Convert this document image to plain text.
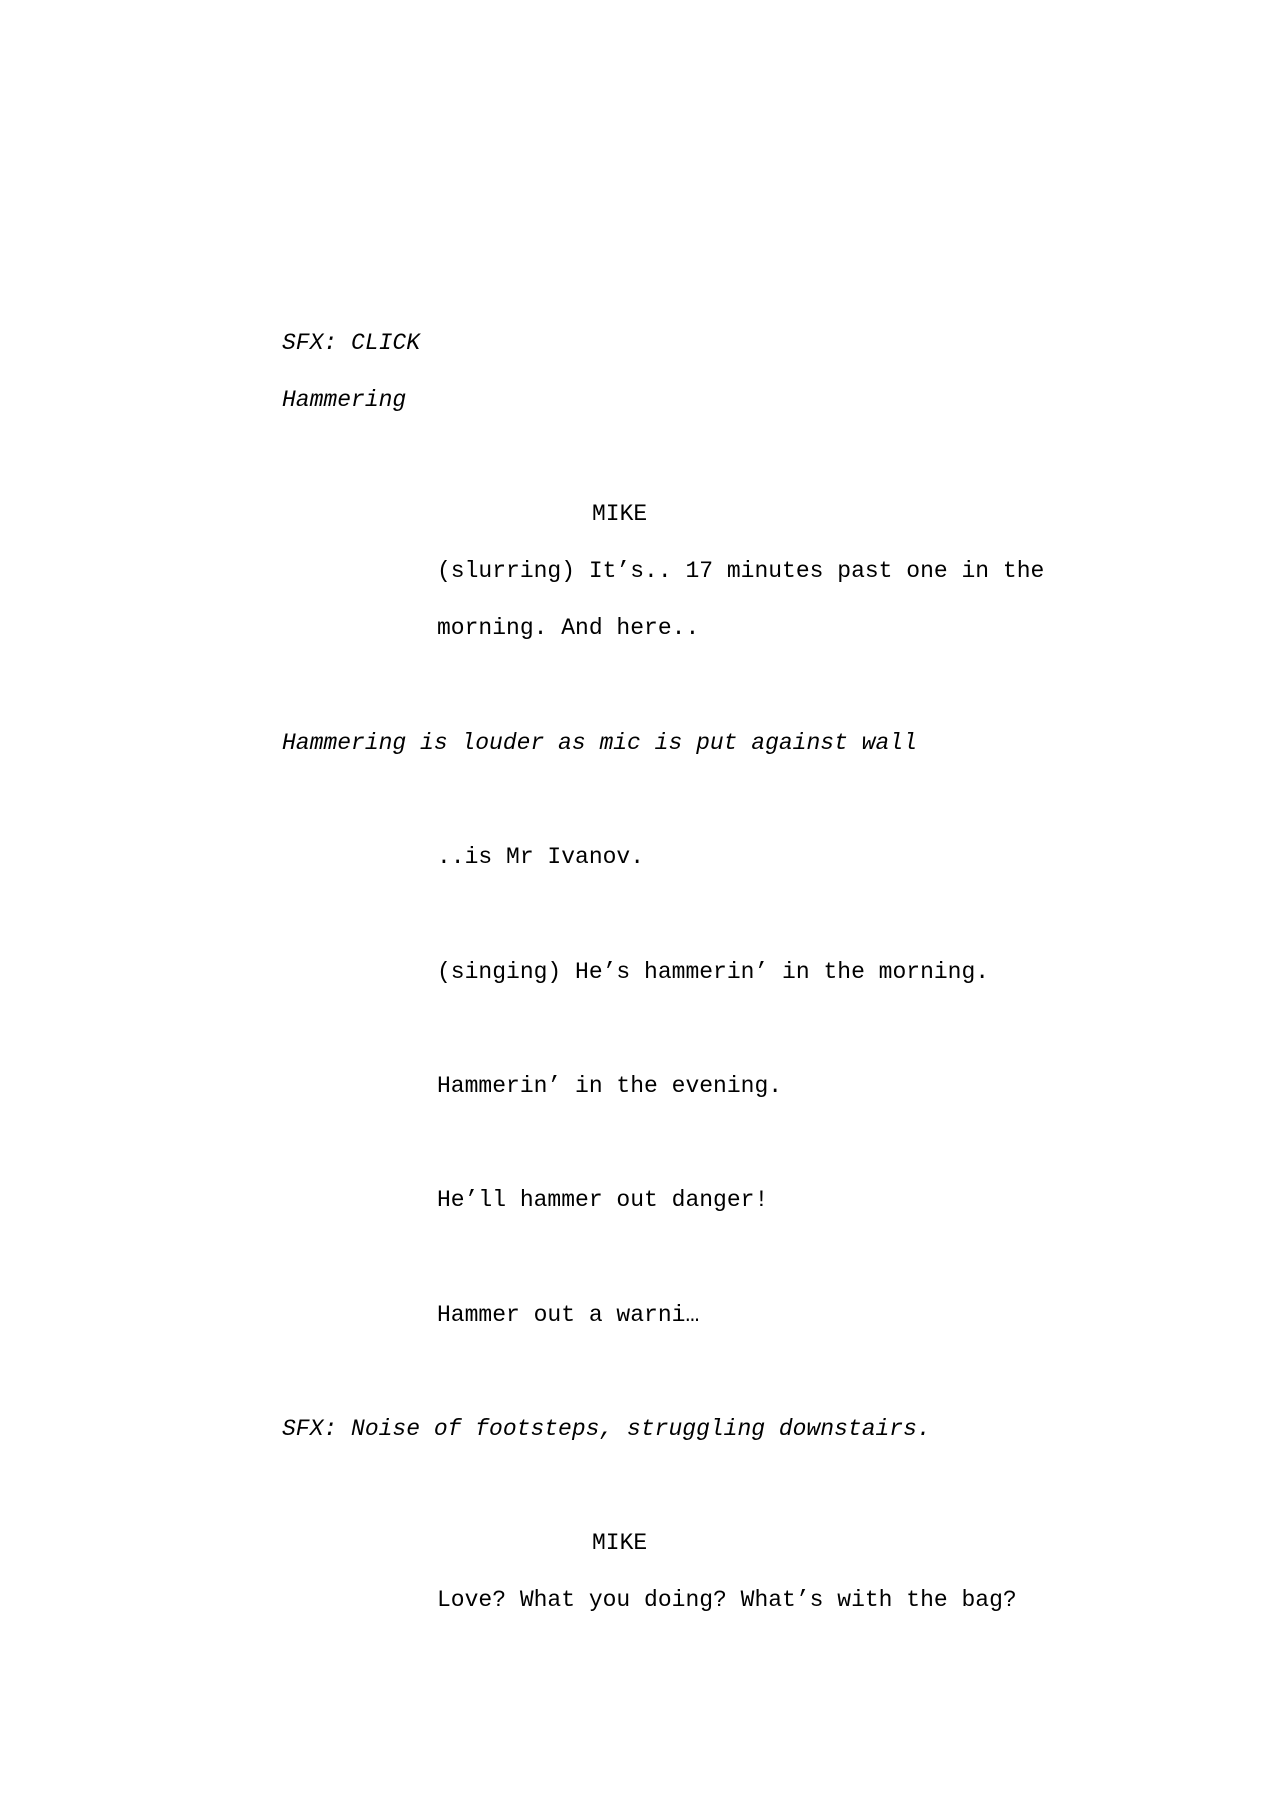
SFX: CLICK
Hammering
MIKE
(slurring) It’s.. 17 minutes past one in the
morning. And here..
Hammering is louder as mic is put against wall
..is Mr Ivanov.
(singing) He’s hammerin’ in the morning.
Hammerin’ in the evening.
He’ll hammer out danger!
Hammer out a warni…
SFX: Noise of footsteps, struggling downstairs.
MIKE
Love? What you doing? What’s with the bag?
